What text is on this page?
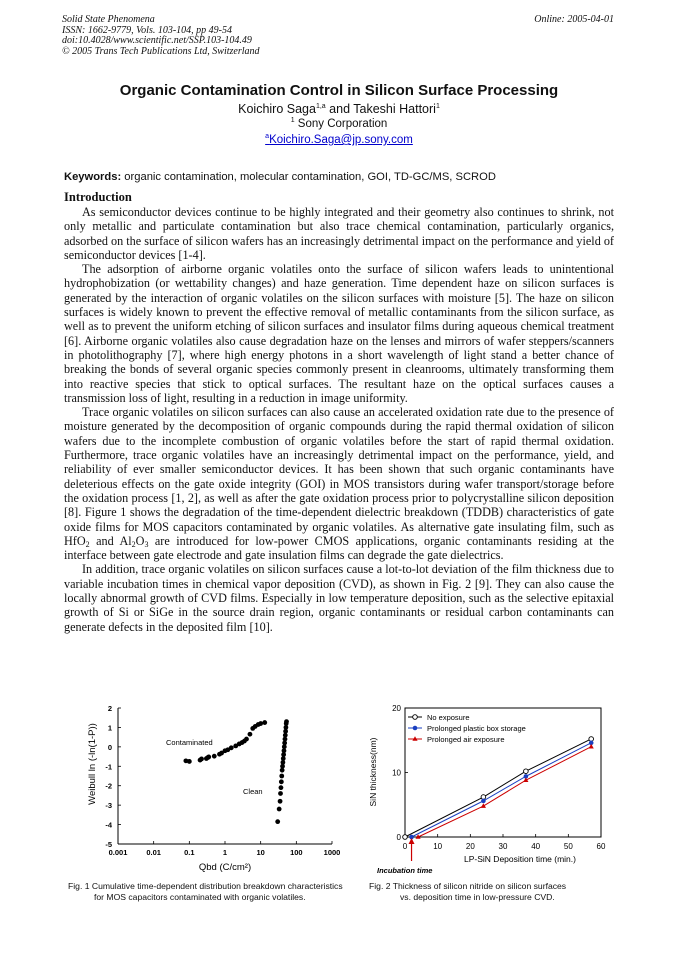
Solid State Phenomena
ISSN: 1662-9779, Vols. 103-104, pp 49-54
doi:10.4028/www.scientific.net/SSP.103-104.49
© 2005 Trans Tech Publications Ltd, Switzerland
Online: 2005-04-01
Organic Contamination Control in Silicon Surface Processing
Koichiro Saga$^{1,a}$ and Takeshi Hattori$^1$
$^1$ Sony Corporation
$^a$Koichiro.Saga@jp.sony.com
Keywords: organic contamination, molecular contamination, GOI, TD-GC/MS, SCROD
Introduction

As semiconductor devices continue to be highly integrated and their geometry also continues to shrink, not only metallic and particulate contamination but also trace chemical contamination, particularly organics, adsorbed on the surface of silicon wafers has an increasingly detrimental impact on the performance and yield of semiconductor devices [1-4].

The adsorption of airborne organic volatiles onto the surface of silicon wafers leads to unintentional hydrophobization (or wettability changes) and haze generation. Time dependent haze on silicon surfaces is generated by the interaction of organic volatiles on the silicon surfaces with moisture [5]. The haze on silicon surfaces is widely known to prevent the effective removal of metallic contaminants from the silicon surface, as well as to prevent the uniform etching of silicon surfaces and insulator films during aqueous chemical treatment [6]. Airborne organic volatiles also cause degradation haze on the lenses and mirrors of wafer steppers/scanners in photolithography [7], where high energy photons in a short wavelength of light stand a better chance of breaking the bonds of several organic species commonly present in cleanrooms, ultimately transforming them into reactive species that stick to optical surfaces. The resultant haze on the optical surfaces causes a transmission loss of light, resulting in a reduction in image uniformity.

Trace organic volatiles on silicon surfaces can also cause an accelerated oxidation rate due to the presence of moisture generated by the decomposition of organic compounds during the rapid thermal oxidation of silicon wafers due to the incomplete combustion of organic volatiles before the start of rapid thermal oxidation. Furthermore, trace organic volatiles have an increasingly detrimental impact on the performance, yield, and reliability of ever smaller semiconductor devices. It has been shown that such organic contaminants have deleterious effects on the gate oxide integrity (GOI) in MOS transistors during wafer transport/storage before the oxidation process [1, 2], as well as after the gate oxidation process prior to polycrystalline silicon deposition [8]. Figure 1 shows the degradation of the time-dependent dielectric breakdown (TDDB) characteristics of gate oxide films for MOS capacitors contaminated by organic volatiles. As alternative gate insulating film, such as HfO$_2$ and $Al_2O_3$ are introduced for low-power CMOS applications, organic contaminants residing at the interface between gate electrode and gate insulation films can degrade the gate dielectrics.

In addition, trace organic volatiles on silicon surfaces cause a lot-to-lot deviation of the film thickness due to variable incubation times in chemical vapor deposition (CVD), as shown in Fig. 2 [9]. They can also cause the locally abnormal growth of CVD films. Especially in low temperature deposition, such as the selective epitaxial growth of Si or SiGe in the source drain region, organic contaminants or residual carbon contaminants can generate defects in the deposited film [10].

0.001	0.01	0.1	1	10	100	1000
-5
-4
-3
-2
-1
0
1
2
Weibull ln (-ln(1-P))
Qbd (C/cm²)
Contaminated
Clean
Fig. 1 Cumulative time-dependent distribution breakdown characteristics
for MOS capacitors contaminated with organic volatiles.
0	10	20	30	40	50	60
0
10
20
No exposure
Prolonged plastic box storage
Prolonged air exposure
SiN thickness(nm)
LP-SiN Deposition time (min.)
Incubation time
Fig. 2 Thickness of silicon nitride on silicon surfaces
vs. deposition time in low-pressure CVD.
